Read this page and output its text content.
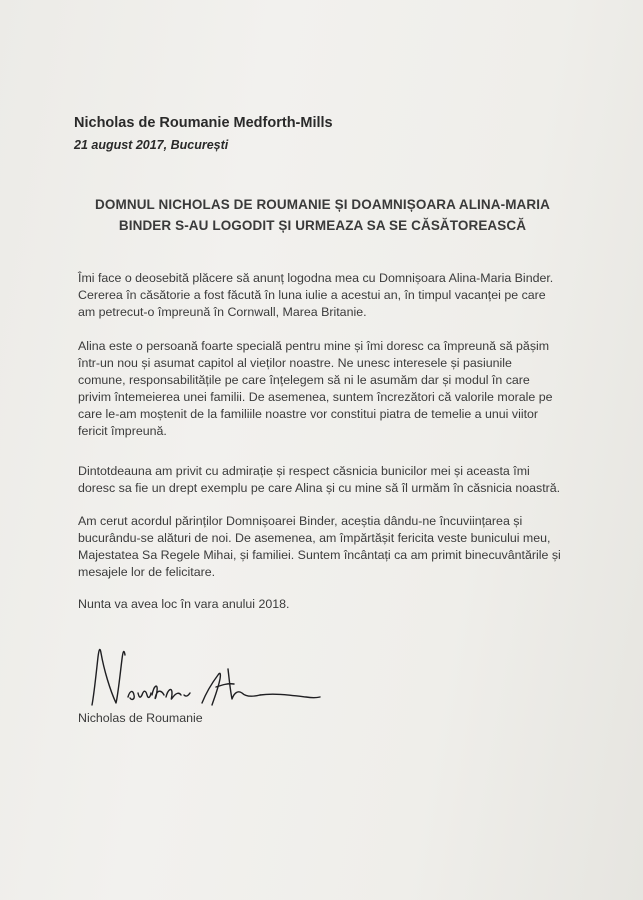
Nicholas de Roumanie Medforth-Mills
21 august 2017, București
DOMNUL NICHOLAS DE ROUMANIE ȘI DOAMNIȘOARA ALINA-MARIA
BINDER S-AU LOGODIT ȘI URMEAZA SA SE CĂSĂTOREASCĂ
Îmi face o deosebită plăcere să anunț logodna mea cu Domnișoara Alina-Maria Binder.
Cererea în căsătorie a fost făcută în luna iulie a acestui an, în timpul vacanței pe care
am petrecut-o împreună în Cornwall, Marea Britanie.
Alina este o persoană foarte specială pentru mine și îmi doresc ca împreună să pășim
într-un nou și asumat capitol al vieților noastre. Ne unesc interesele și pasiunile
comune, responsabilitățile pe care înțelegem să ni le asumăm dar și modul în care
privim întemeierea unei familii. De asemenea, suntem încrezători că valorile morale pe
care le-am moștenit de la familiile noastre vor constitui piatra de temelie a unui viitor
fericit împreună.
Dintotdeauna am privit cu admirație și respect căsnicia bunicilor mei și aceasta îmi
doresc sa fie un drept exemplu pe care Alina și cu mine să îl urmăm în căsnicia noastră.
Am cerut acordul părinților Domnișoarei Binder, aceștia dându-ne încuviințarea și
bucurându-se alături de noi. De asemenea, am împărtășit fericita veste bunicului meu,
Majestatea Sa Regele Mihai, și familiei. Suntem încântați ca am primit binecuvântările și
mesajele lor de felicitare.
Nunta va avea loc în vara anului 2018.
Nicholas de Roumanie
